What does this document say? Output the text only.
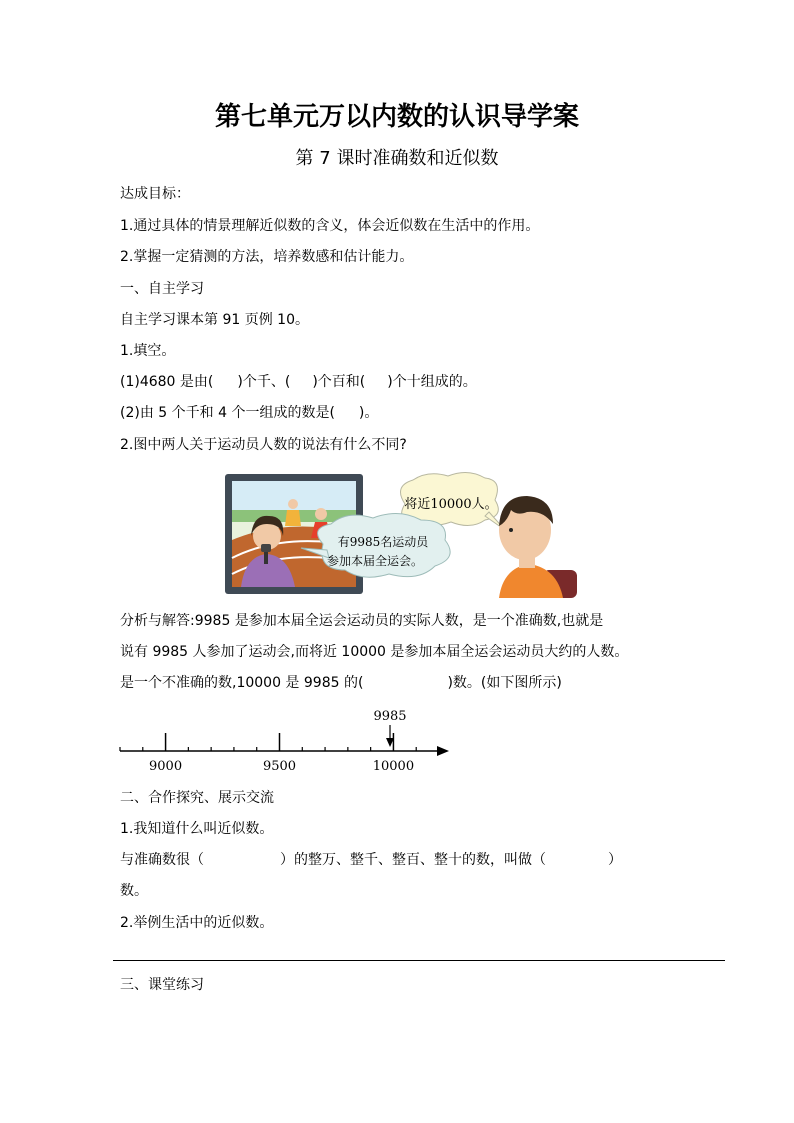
第七单元万以内数的认识导学案
第 7 课时准确数和近似数
达成目标：
1.通过具体的情景理解近似数的含义，体会近似数在生活中的作用。
2.掌握一定猜测的方法，培养数感和估计能力。
一、自主学习
自主学习课本第 91 页例 10。
1.填空。
(1)4680 是由( )个千、( )个百和( )个十组成的。
(2)由 5 个千和 4 个一组成的数是( )。
2.图中两人关于运动员人数的说法有什么不同?
将近10000人。
有9985名运动员
参加本届全运会。
分析与解答:9985 是参加本届全运会运动员的实际人数，是一个准确数,也就是
说有 9985 人参加了运动会,而将近 10000 是参加本届全运会运动员大约的人数。
是一个不准确的数,10000 是 9985 的(	)数。(如下图所示)
9000	9500	10000
9985
二、合作探究、展示交流
1.我知道什么叫近似数。
与准确数很（	）的整万、整千、整百、整十的数，叫做（	）
数。
2.举例生活中的近似数。
三、课堂练习
